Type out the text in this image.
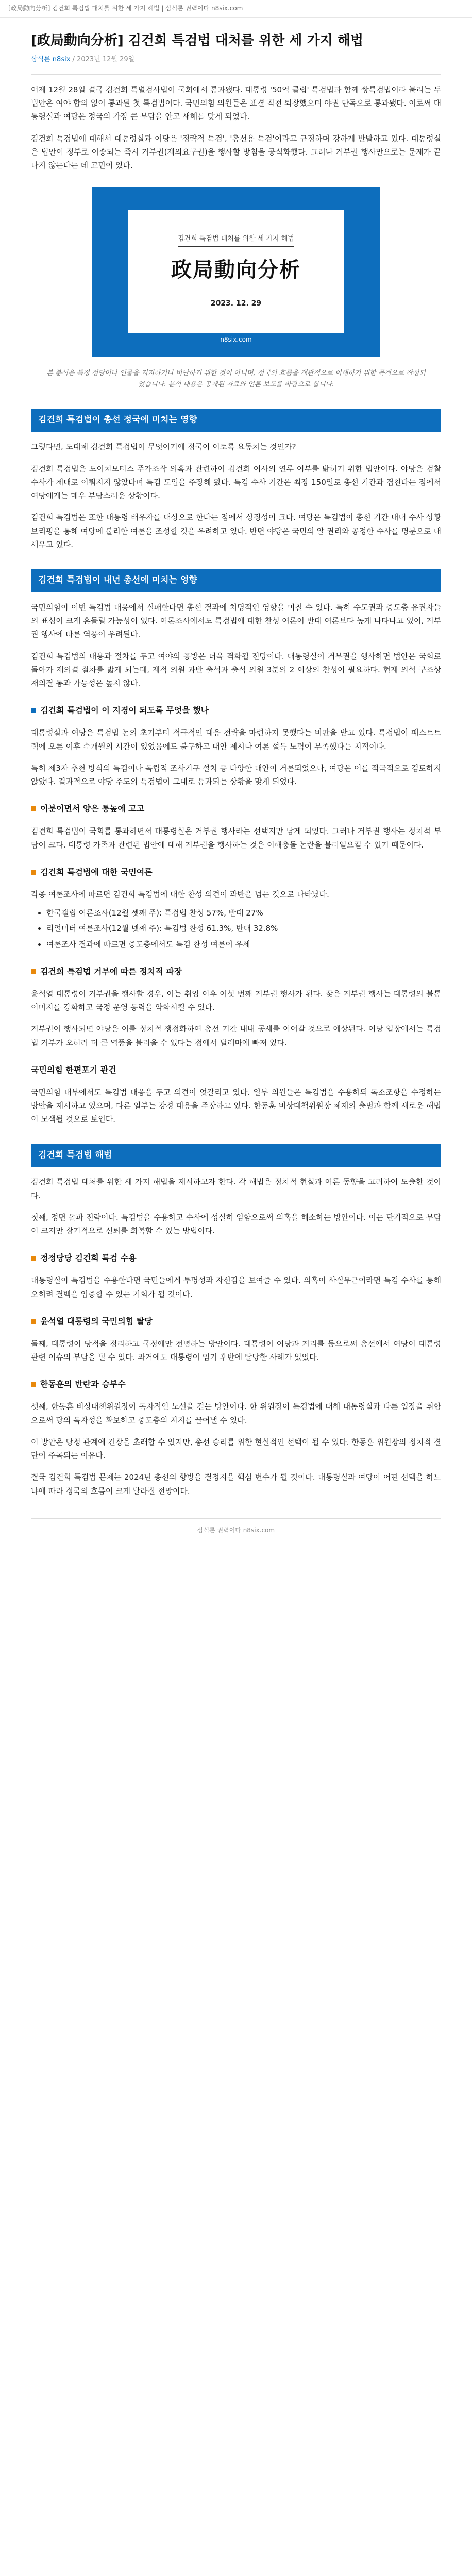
[政局動向分析] 김건희 특검법 대처를 위한 세 가지 해법 | 삼식론 권력이다 n8six.com
[政局動向分析] 김건희 특검법 대처를 위한 세 가지 해법
삼식론 n8six / 2023년 12월 29일

어제 12월 28일 결국 김건희 특별검사법이 국회에서 통과됐다. 대통령 '50억 클럽' 특검법과 함께 쌍특검법이라 불리는 두 법안은 여야 합의 없이 통과된 첫 특검법이다. 국민의힘 의원들은 표결 직전 퇴장했으며 야권 단독으로 통과됐다. 이로써 대통령실과 여당은 정국의 가장 큰 부담을 안고 새해를 맞게 되었다.

김건희 특검법에 대해서 대통령실과 여당은 '정략적 특검', '총선용 특검'이라고 규정하며 강하게 반발하고 있다. 대통령실은 법안이 정부로 이송되는 즉시 거부권(재의요구권)을 행사할 방침을 공식화했다. 그러나 거부권 행사만으로는 문제가 끝나지 않는다는 데 고민이 있다.

김건희 특검법 대처를 위한 세 가지 해법
政局動向分析
2023. 12. 29
삼식론 권력이다
n8six.com
본 분석은 특정 정당이나 인물을 지지하거나 비난하기 위한 것이 아니며, 정국의 흐름을 객관적으로 이해하기 위한 목적으로 작성되었습니다. 분석 내용은 공개된 자료와 언론 보도를 바탕으로 합니다.
김건희 특검법이 총선 정국에 미치는 영향

그렇다면, 도대체 김건희 특검법이 무엇이기에 정국이 이토록 요동치는 것인가?

김건희 특검법은 도이치모터스 주가조작 의혹과 관련하여 김건희 여사의 연루 여부를 밝히기 위한 법안이다. 야당은 검찰 수사가 제대로 이뤄지지 않았다며 특검 도입을 주장해 왔다. 특검 수사 기간은 최장 150일로 총선 기간과 겹친다는 점에서 여당에게는 매우 부담스러운 상황이다.

김건희 특검법은 또한 대통령 배우자를 대상으로 한다는 점에서 상징성이 크다. 여당은 특검법이 총선 기간 내내 수사 상황 브리핑을 통해 여당에 불리한 여론을 조성할 것을 우려하고 있다. 반면 야당은 국민의 알 권리와 공정한 수사를 명분으로 내세우고 있다.

김건희 특검법이 내년 총선에 미치는 영향

국민의힘이 이번 특검법 대응에서 실패한다면 총선 결과에 치명적인 영향을 미칠 수 있다. 특히 수도권과 중도층 유권자들의 표심이 크게 흔들릴 가능성이 있다. 여론조사에서도 특검법에 대한 찬성 여론이 반대 여론보다 높게 나타나고 있어, 거부권 행사에 따른 역풍이 우려된다.

김건희 특검법의 내용과 절차를 두고 여야의 공방은 더욱 격화될 전망이다. 대통령실이 거부권을 행사하면 법안은 국회로 돌아가 재의결 절차를 밟게 되는데, 재적 의원 과반 출석과 출석 의원 3분의 2 이상의 찬성이 필요하다. 현재 의석 구조상 재의결 통과 가능성은 높지 않다.

김건희 특검법이 이 지경이 되도록 무엇을 했나

대통령실과 여당은 특검법 논의 초기부터 적극적인 대응 전략을 마련하지 못했다는 비판을 받고 있다. 특검법이 패스트트랙에 오른 이후 수개월의 시간이 있었음에도 불구하고 대안 제시나 여론 설득 노력이 부족했다는 지적이다.

특히 제3자 추천 방식의 특검이나 독립적 조사기구 설치 등 다양한 대안이 거론되었으나, 여당은 이를 적극적으로 검토하지 않았다. 결과적으로 야당 주도의 특검법이 그대로 통과되는 상황을 맞게 되었다.

이분이면서 양은 통높에 고고

김건희 특검법이 국회를 통과하면서 대통령실은 거부권 행사라는 선택지만 남게 되었다. 그러나 거부권 행사는 정치적 부담이 크다. 대통령 가족과 관련된 법안에 대해 거부권을 행사하는 것은 이해충돌 논란을 불러일으킬 수 있기 때문이다.

김건희 특검법에 대한 국민여론

각종 여론조사에 따르면 김건희 특검법에 대한 찬성 의견이 과반을 넘는 것으로 나타났다.

• 한국갤럽 여론조사(12월 셋째 주): 특검법 찬성 57%, 반대 27%
• 리얼미터 여론조사(12월 넷째 주): 특검법 찬성 61.3%, 반대 32.8%
• 여론조사 결과에 따르면 중도층에서도 특검 찬성 여론이 우세
김건희 특검법 거부에 따른 정치적 파장

윤석열 대통령이 거부권을 행사할 경우, 이는 취임 이후 여섯 번째 거부권 행사가 된다. 잦은 거부권 행사는 대통령의 불통 이미지를 강화하고 국정 운영 동력을 약화시킬 수 있다.

거부권이 행사되면 야당은 이를 정치적 쟁점화하여 총선 기간 내내 공세를 이어갈 것으로 예상된다. 여당 입장에서는 특검법 거부가 오히려 더 큰 역풍을 불러올 수 있다는 점에서 딜레마에 빠져 있다.

국민의힘 한편포기 관건

국민의힘 내부에서도 특검법 대응을 두고 의견이 엇갈리고 있다. 일부 의원들은 특검법을 수용하되 독소조항을 수정하는 방안을 제시하고 있으며, 다른 일부는 강경 대응을 주장하고 있다. 한동훈 비상대책위원장 체제의 출범과 함께 새로운 해법이 모색될 것으로 보인다.

김건희 특검법 해법

김건희 특검법 대처를 위한 세 가지 해법을 제시하고자 한다. 각 해법은 정치적 현실과 여론 동향을 고려하여 도출한 것이다.

첫째, 정면 돌파 전략이다. 특검법을 수용하고 수사에 성실히 임함으로써 의혹을 해소하는 방안이다. 이는 단기적으로 부담이 크지만 장기적으로 신뢰를 회복할 수 있는 방법이다.

정정당당 김건희 특검 수용

대통령실이 특검법을 수용한다면 국민들에게 투명성과 자신감을 보여줄 수 있다. 의혹이 사실무근이라면 특검 수사를 통해 오히려 결백을 입증할 수 있는 기회가 될 것이다.

윤석열 대통령의 국민의힘 탈당

둘째, 대통령이 당적을 정리하고 국정에만 전념하는 방안이다. 대통령이 여당과 거리를 둠으로써 총선에서 여당이 대통령 관련 이슈의 부담을 덜 수 있다. 과거에도 대통령이 임기 후반에 탈당한 사례가 있었다.

한동훈의 반란과 승부수

셋째, 한동훈 비상대책위원장이 독자적인 노선을 걷는 방안이다. 한 위원장이 특검법에 대해 대통령실과 다른 입장을 취함으로써 당의 독자성을 확보하고 중도층의 지지를 끌어낼 수 있다.

이 방안은 당정 관계에 긴장을 초래할 수 있지만, 총선 승리를 위한 현실적인 선택이 될 수 있다. 한동훈 위원장의 정치적 결단이 주목되는 이유다.

결국 김건희 특검법 문제는 2024년 총선의 향방을 결정지을 핵심 변수가 될 것이다. 대통령실과 여당이 어떤 선택을 하느냐에 따라 정국의 흐름이 크게 달라질 전망이다.

삼식론 권력이다 n8six.com
